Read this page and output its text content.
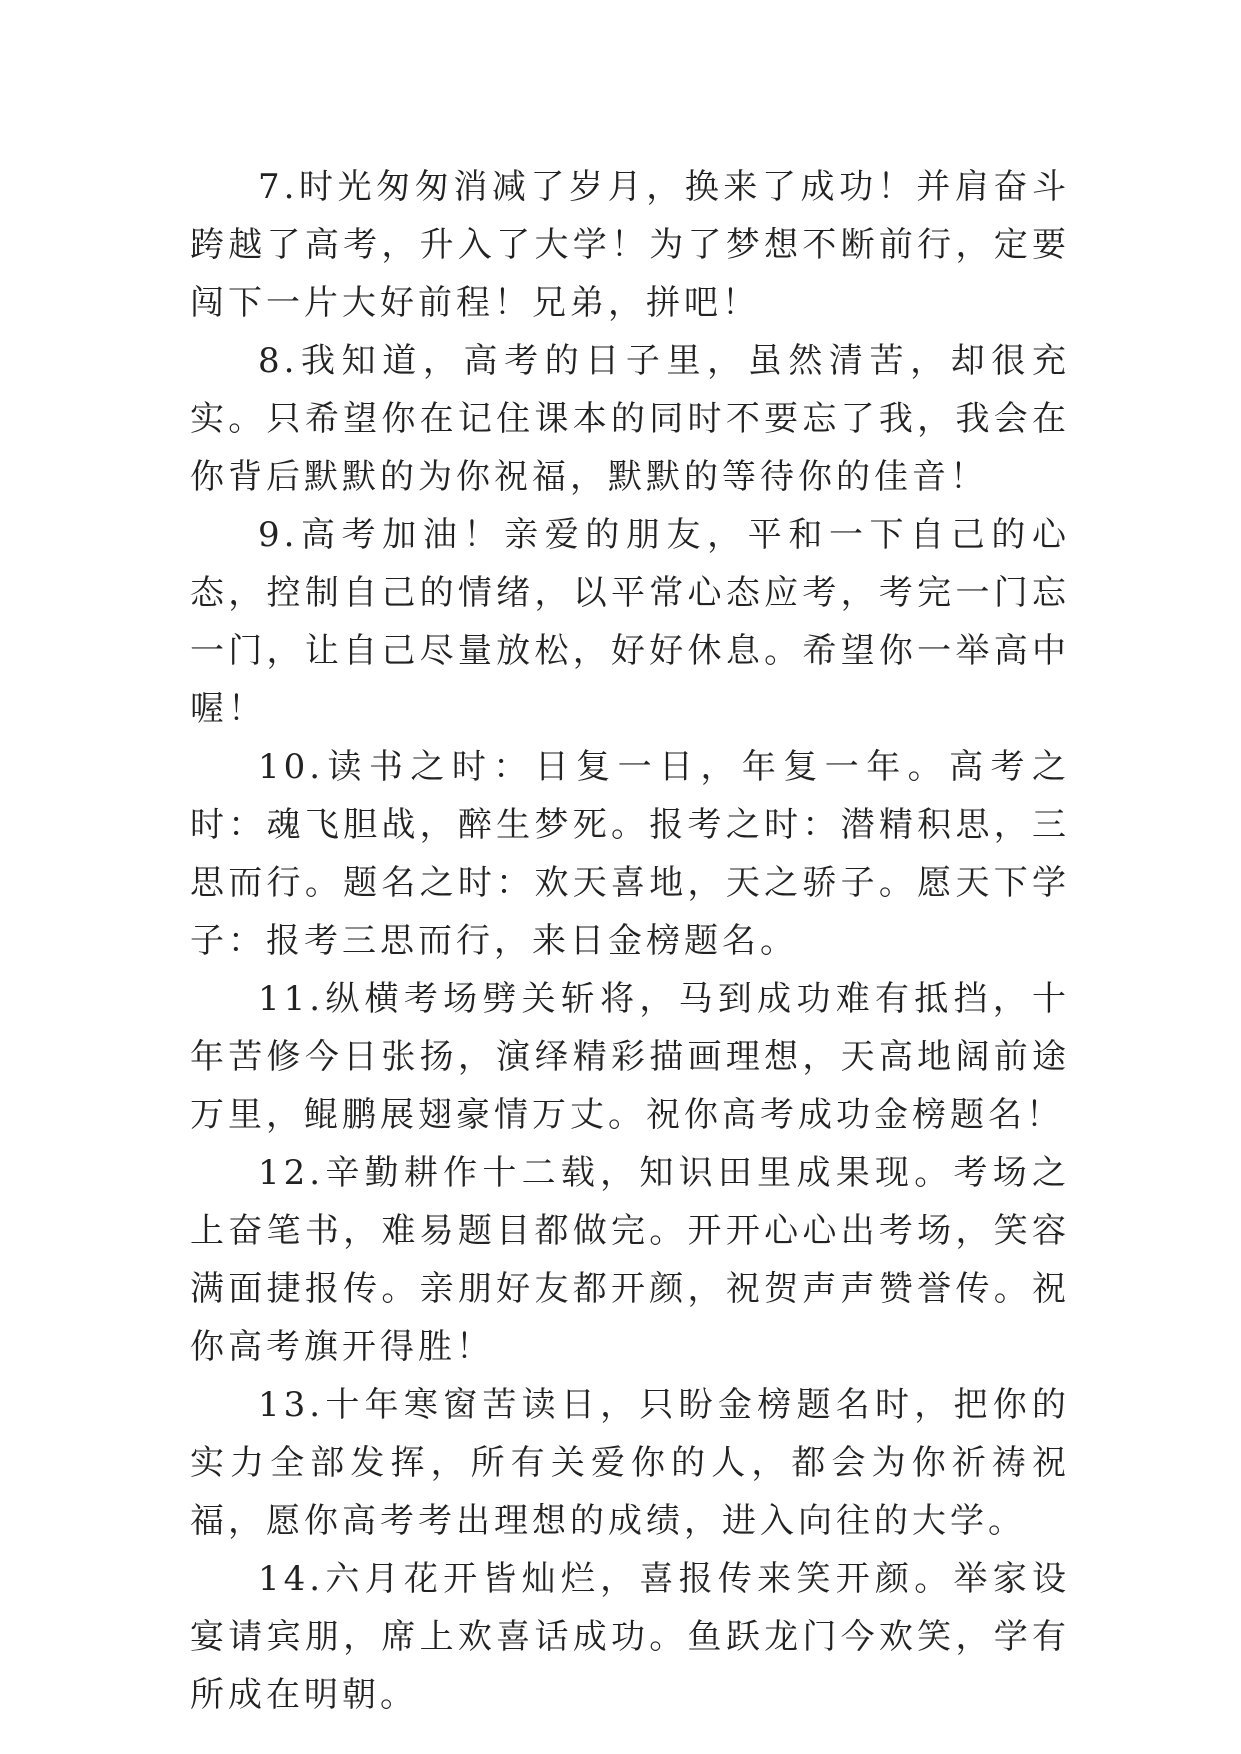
7.时光匆匆消减了岁月，换来了成功！并肩奋斗跨越了高考，升入了大学！为了梦想不断前行，定要闯下一片大好前程！兄弟，拼吧！

8.我知道，高考的日子里，虽然清苦，却很充实。只希望你在记住课本的同时不要忘了我，我会在你背后默默的为你祝福，默默的等待你的佳音！

9.高考加油！亲爱的朋友，平和一下自己的心态，控制自己的情绪，以平常心态应考，考完一门忘一门，让自己尽量放松，好好休息。希望你一举高中喔！

10.读书之时：日复一日，年复一年。高考之时：魂飞胆战，醉生梦死。报考之时：潜精积思，三思而行。题名之时：欢天喜地，天之骄子。愿天下学子：报考三思而行，来日金榜题名。

11.纵横考场劈关斩将，马到成功难有抵挡，十年苦修今日张扬，演绎精彩描画理想，天高地阔前途万里，鲲鹏展翅豪情万丈。祝你高考成功金榜题名！

12.辛勤耕作十二载，知识田里成果现。考场之上奋笔书，难易题目都做完。开开心心出考场，笑容满面捷报传。亲朋好友都开颜，祝贺声声赞誉传。祝你高考旗开得胜！

13.十年寒窗苦读日，只盼金榜题名时，把你的实力全部发挥，所有关爱你的人，都会为你祈祷祝福，愿你高考考出理想的成绩，进入向往的大学。

14.六月花开皆灿烂，喜报传来笑开颜。举家设宴请宾朋，席上欢喜话成功。鱼跃龙门今欢笑，学有所成在明朝。
